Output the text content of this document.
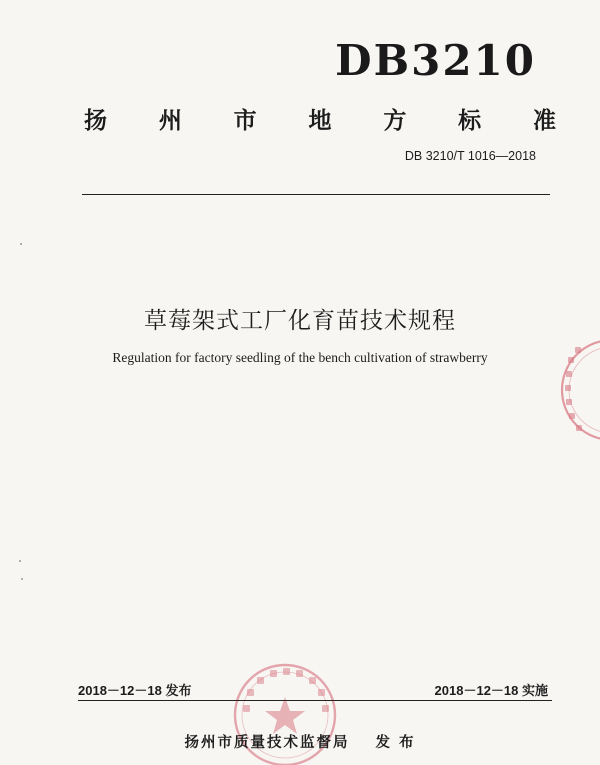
DB3210
扬 州 市 地 方 标 准
DB 3210/T 1016—2018
草莓架式工厂化育苗技术规程
Regulation for factory seedling of the bench cultivation of strawberry
2018－12－18 发布	2018－12－18 实施
扬州市质量技术监督局 发 布
